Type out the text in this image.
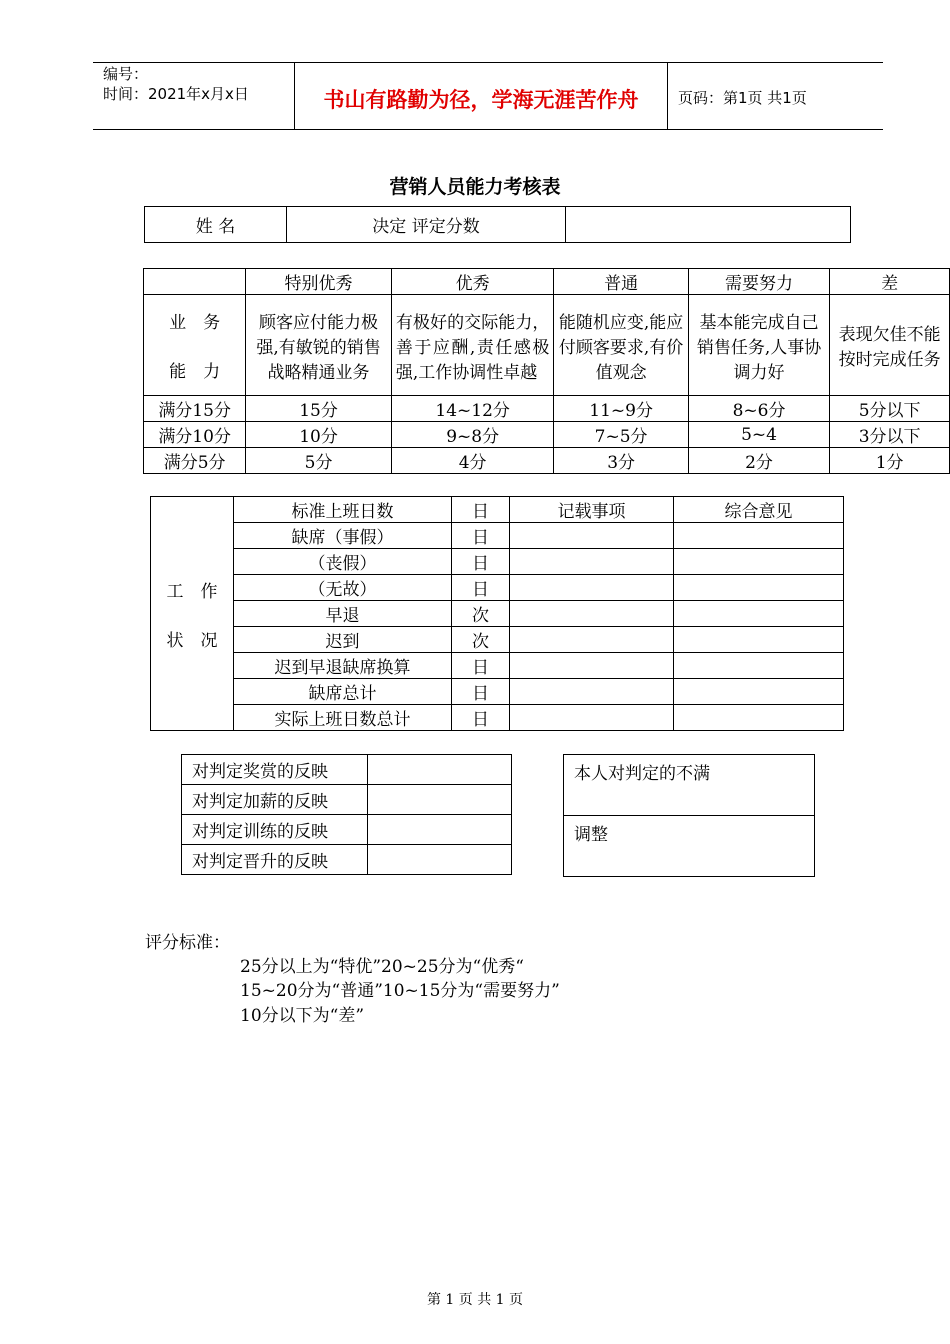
编号：
时间：2021年x月x日	书山有路勤为径，学海无涯苦作舟	页码：第1页 共1页
营销人员能力考核表
姓 名	决定 评定分数	
	特别优秀	优秀	普通	需要努力	差

业　务
能　力	顾客应付能力极强,有敏锐的销售战略精通业务	有极好的交际能力，善于应酬,责任感极强,工作协调性卓越	能随机应变,能应付顾客要求,有价值观念	基本能完成自己销售任务,人事协调力好	表现欠佳不能按时完成任务
满分15分	15分	14~12分	11~9分	8~6分	5分以下
满分10分	10分	9~8分	7~5分	5~4	3分以下
满分5分	5分	4分	3分	2分	1分
工　作
状　况	标准上班日数	日	记载事项	综合意见
	缺席（事假）	日		
	（丧假）	日		
	（无故）	日		
	早退	次		
	迟到	次		
	迟到早退缺席换算	日		
	缺席总计	日		
	实际上班日数总计	日		
对判定奖赏的反映	
对判定加薪的反映	
对判定训练的反映	
对判定晋升的反映	
本人对判定的不满
调整
评分标准：
25分以上为“特优”20~25分为“优秀“
15~20分为“普通”10~15分为“需要努力”
10分以下为“差”
第 1 页 共 1 页
